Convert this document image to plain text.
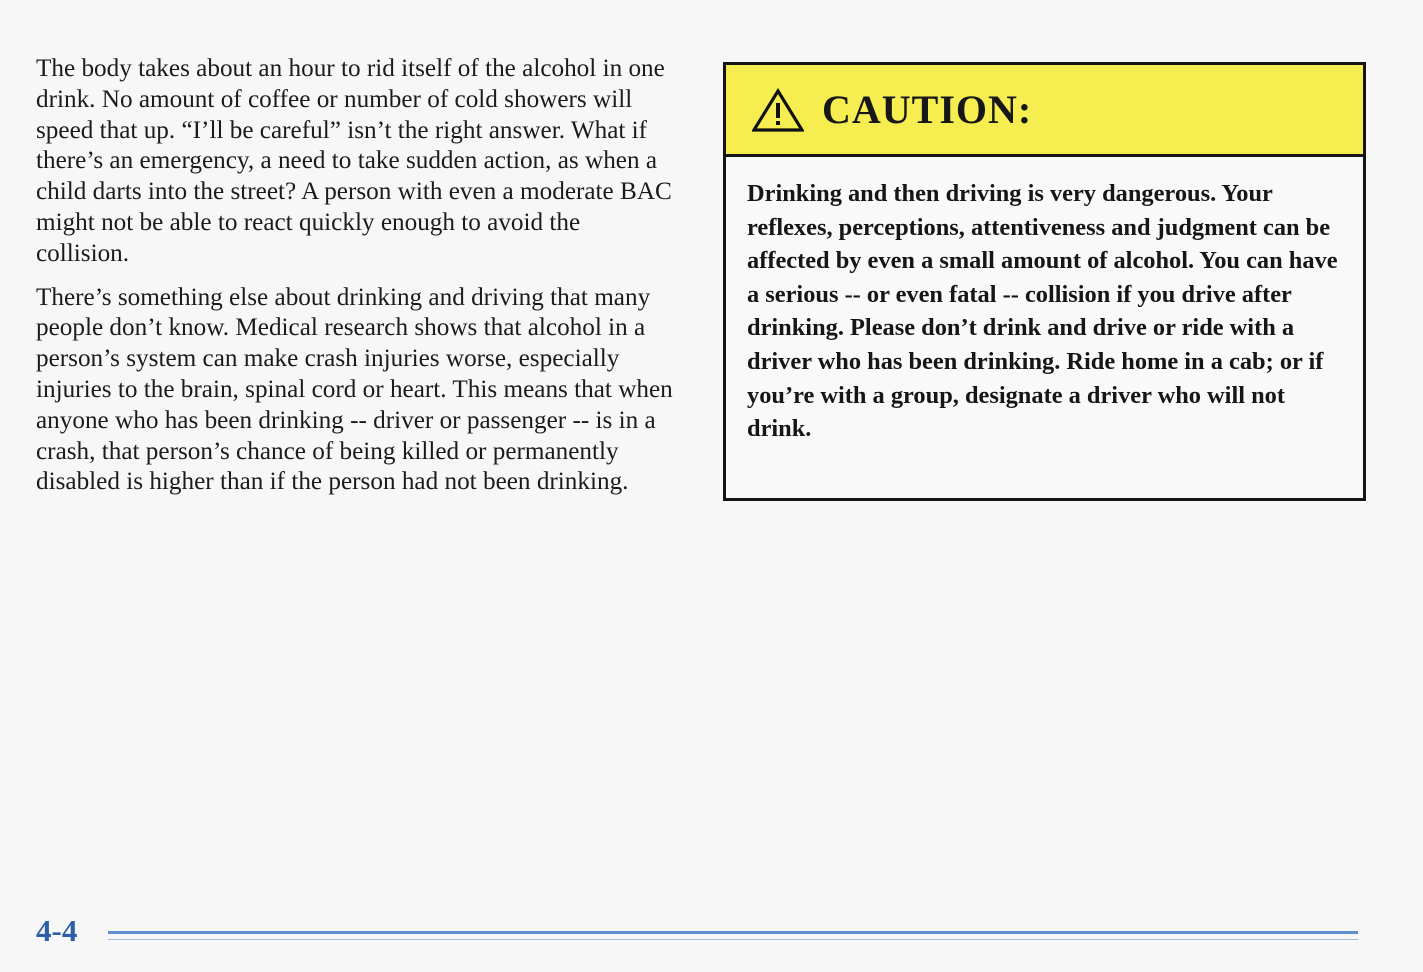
The body takes about an hour to rid itself of the alcohol in one drink. No amount of coffee or number of cold showers will speed that up. “I’ll be careful” isn’t the right answer. What if there’s an emergency, a need to take sudden action, as when a child darts into the street? A person with even a moderate BAC might not be able to react quickly enough to avoid the collision.

There’s something else about drinking and driving that many people don’t know. Medical research shows that alcohol in a person’s system can make crash injuries worse, especially injuries to the brain, spinal cord or heart. This means that when anyone who has been drinking -- driver or passenger -- is in a crash, that person’s chance of being killed or permanently disabled is higher than if the person had not been drinking.

CAUTION:
Drinking and then driving is very dangerous. Your reflexes, perceptions, attentiveness and judgment can be affected by even a small amount of alcohol. You can have a serious -- or even fatal -- collision if you drive after drinking. Please don’t drink and drive or ride with a driver who has been drinking. Ride home in a cab; or if you’re with a group, designate a driver who will not drink.
4-4
